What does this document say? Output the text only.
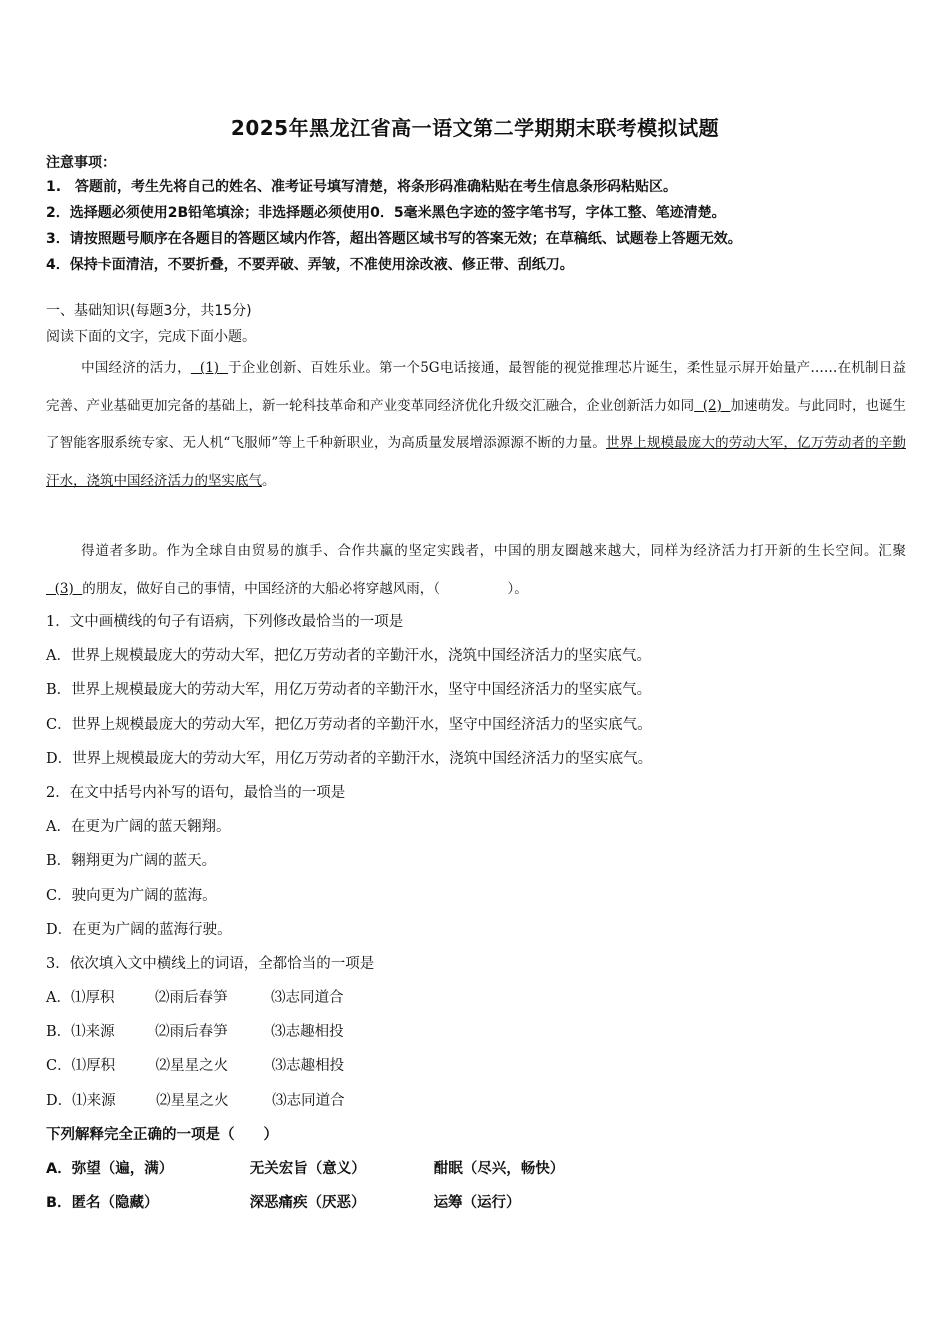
2025年黑龙江省高一语文第二学期期末联考模拟试题
注意事项：
1.　答题前，考生先将自己的姓名、准考证号填写清楚，将条形码准确粘贴在考生信息条形码粘贴区。
2．选择题必须使用2B铅笔填涂；非选择题必须使用0．5毫米黑色字迹的签字笔书写，字体工整、笔迹清楚。
3．请按照题号顺序在各题目的答题区域内作答，超出答题区域书写的答案无效；在草稿纸、试题卷上答题无效。
4．保持卡面清洁，不要折叠，不要弄破、弄皱，不准使用涂改液、修正带、刮纸刀。
一、基础知识(每题3分，共15分)
阅读下面的文字，完成下面小题。
中国经济的活力，  (1)  于企业创新、百姓乐业。第一个5G电话接通，最智能的视觉推理芯片诞生，柔性显示屏开始量产……在机制日益完善、产业基础更加完备的基础上，新一轮科技革命和产业变革同经济优化升级交汇融合，企业创新活力如同  (2)  加速萌发。与此同时，也诞生了智能客服系统专家、无人机“飞服师”等上千种新职业，为高质量发展增添源源不断的力量。世界上规模最庞大的劳动大军，亿万劳动者的辛勤汗水，浇筑中国经济活力的坚实底气。
得道者多助。作为全球自由贸易的旗手、合作共赢的坚定实践者，中国的朋友圈越来越大，同样为经济活力打开新的生长空间。汇聚  (3)  的朋友，做好自己的事情，中国经济的大船必将穿越风雨，（　　　　　）。
1．文中画横线的句子有语病，下列修改最恰当的一项是
A．世界上规模最庞大的劳动大军，把亿万劳动者的辛勤汗水，浇筑中国经济活力的坚实底气。
B．世界上规模最庞大的劳动大军，用亿万劳动者的辛勤汗水，坚守中国经济活力的坚实底气。
C．世界上规模最庞大的劳动大军，把亿万劳动者的辛勤汗水，坚守中国经济活力的坚实底气。
D．世界上规模最庞大的劳动大军，用亿万劳动者的辛勤汗水，浇筑中国经济活力的坚实底气。
2．在文中括号内补写的语句，最恰当的一项是
A．在更为广阔的蓝天翱翔。
B．翱翔更为广阔的蓝天。
C．驶向更为广阔的蓝海。
D．在更为广阔的蓝海行驶。
3．依次填入文中横线上的词语，全都恰当的一项是
A．⑴厚积	⑵雨后春笋	⑶志同道合
B．⑴来源	⑵雨后春笋	⑶志趣相投
C．⑴厚积	⑵星星之火	⑶志趣相投
D．⑴来源	⑵星星之火	⑶志同道合
下列解释完全正确的一项是（　　）
A．弥望（遍，满）	无关宏旨（意义）	酣眠（尽兴，畅快）
B．匿名（隐藏）	深恶痛疾（厌恶）	运筹（运行）
